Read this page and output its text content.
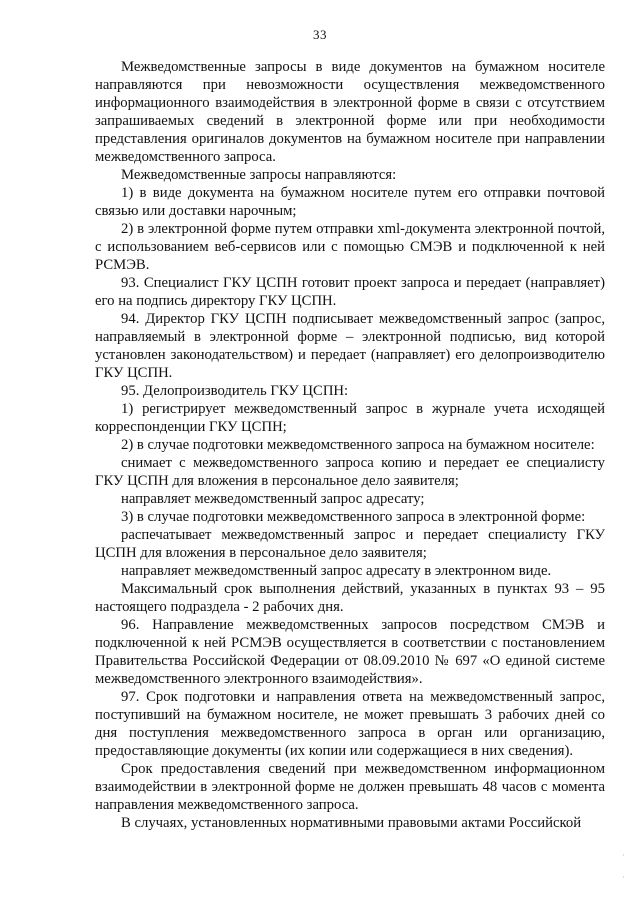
33

Межведомственные запросы в виде документов на бумажном носителе направляются при невозможности осуществления межведомственного информационного взаимодействия в электронной форме в связи с отсутствием запрашиваемых сведений в электронной форме или при необходимости представления оригиналов документов на бумажном носителе при направлении межведомственного запроса.

Межведомственные запросы направляются:

1) в виде документа на бумажном носителе путем его отправки почтовой связью или доставки нарочным;

2) в электронной форме путем отправки xml-документа электронной почтой, с использованием веб-сервисов или с помощью СМЭВ и подключенной к ней РСМЭВ.

93. Специалист ГКУ ЦСПН готовит проект запроса и передает (направляет) его на подпись директору ГКУ ЦСПН.

94. Директор ГКУ ЦСПН подписывает межведомственный запрос (запрос, направляемый в электронной форме – электронной подписью, вид которой установлен законодательством) и передает (направляет) его делопроизводителю ГКУ ЦСПН.

95. Делопроизводитель ГКУ ЦСПН:

1) регистрирует межведомственный запрос в журнале учета исходящей корреспонденции ГКУ ЦСПН;

2) в случае подготовки межведомственного запроса на бумажном носителе:

снимает с межведомственного запроса копию и передает ее специалисту ГКУ ЦСПН для вложения в персональное дело заявителя;

направляет межведомственный запрос адресату;

3) в случае подготовки межведомственного запроса в электронной форме:

распечатывает межведомственный запрос и передает специалисту ГКУ ЦСПН для вложения в персональное дело заявителя;

направляет межведомственный запрос адресату в электронном виде.

Максимальный срок выполнения действий, указанных в пунктах 93 – 95 настоящего подраздела - 2 рабочих дня.

96. Направление межведомственных запросов посредством СМЭВ и подключенной к ней РСМЭВ осуществляется в соответствии с постановлением Правительства Российской Федерации от 08.09.2010 № 697 «О единой системе межведомственного электронного взаимодействия».

97. Срок подготовки и направления ответа на межведомственный запрос, поступивший на бумажном носителе, не может превышать 3 рабочих дней со дня поступления межведомственного запроса в орган или организацию, предоставляющие документы (их копии или содержащиеся в них сведения).

Срок предоставления сведений при межведомственном информационном взаимодействии в электронной форме не должен превышать 48 часов с момента направления межведомственного запроса.

В случаях, установленных нормативными правовыми актами Российской

·
·
